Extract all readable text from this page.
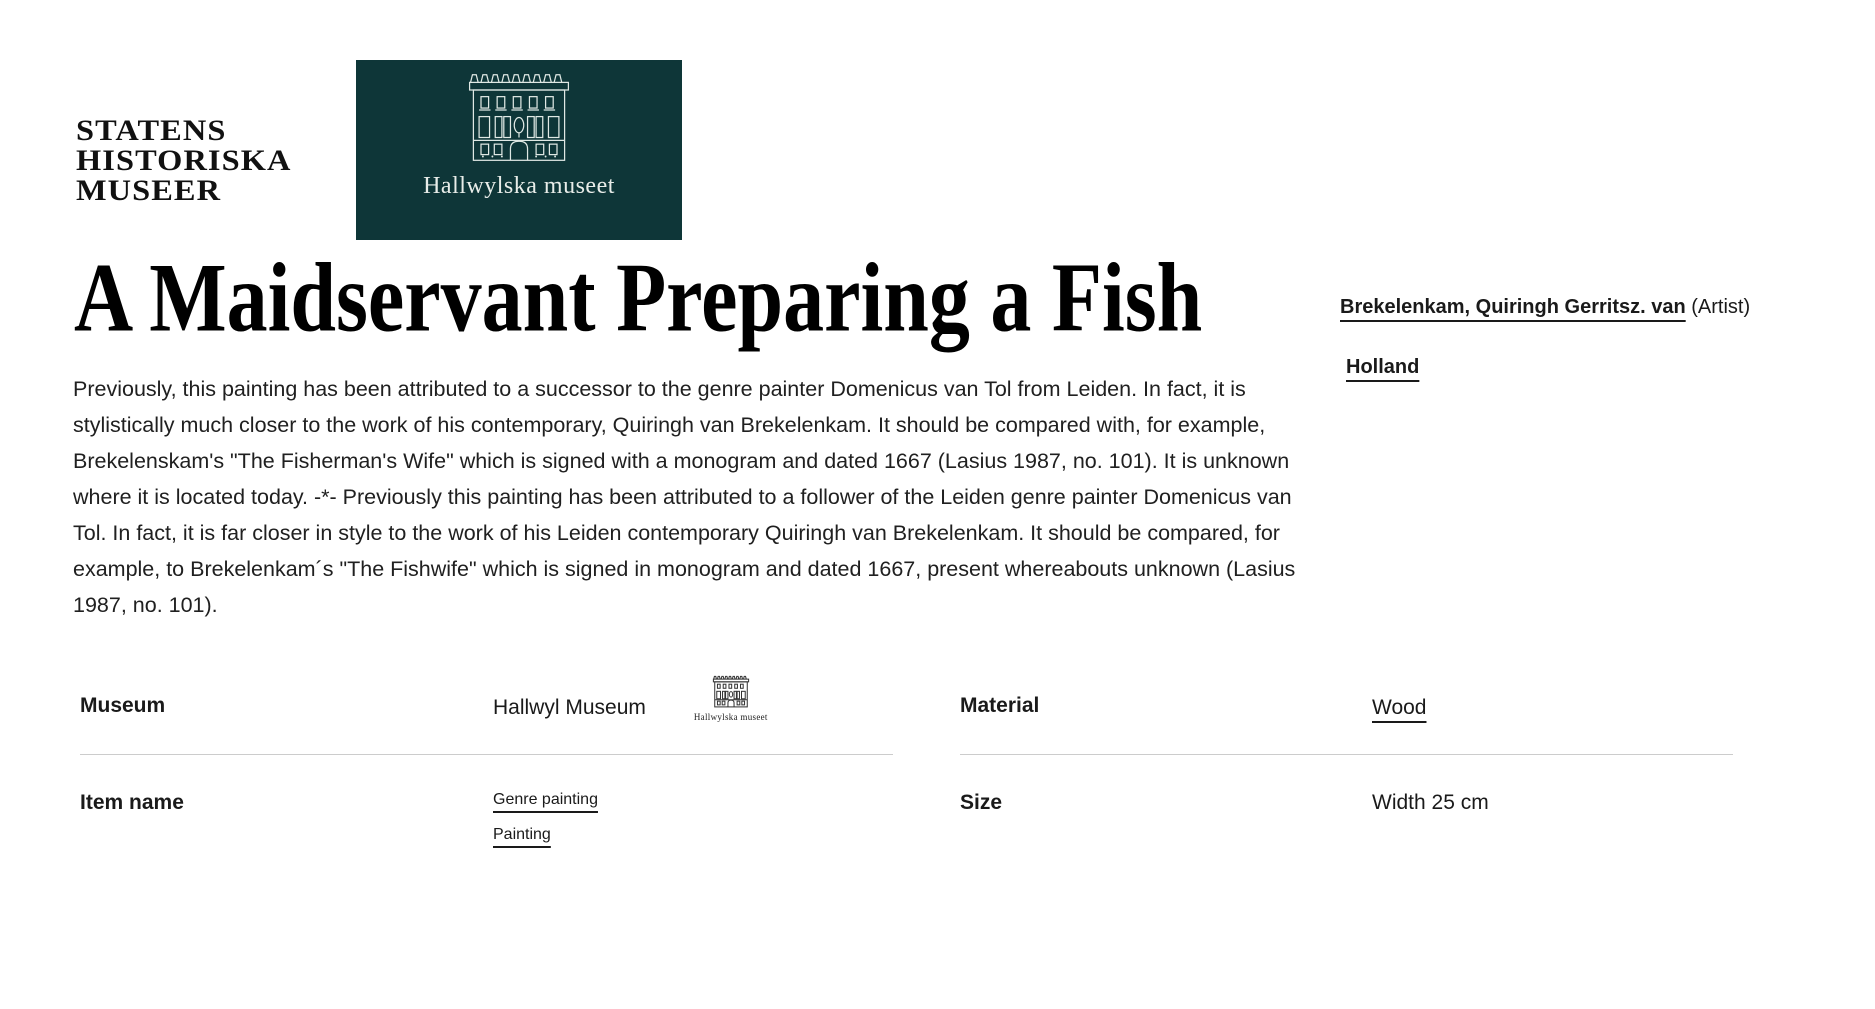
STATENS
HISTORISKA
MUSEER	Hallwylska museet
A Maidservant Preparing a Fish	Brekelenkam, Quiringh Gerritsz. van (Artist)
Holland
Previously, this painting has been attributed to a successor to the genre painter Domenicus van Tol from Leiden. In fact, it is stylistically much closer to the work of his contemporary, Quiringh van Brekelenkam. It should be compared with, for example, Brekelenskam's "The Fisherman's Wife" which is signed with a monogram and dated 1667 (Lasius 1987, no. 101). It is unknown where it is located today. -*- Previously this painting has been attributed to a follower of the Leiden genre painter Domenicus van Tol. In fact, it is far closer in style to the work of his Leiden contemporary Quiringh van Brekelenkam. It should be compared, for example, to Brekelenkam´s "The Fishwife" which is signed in monogram and dated 1667, present whereabouts unknown (Lasius 1987, no. 101).
Museum	Hallwyl Museum	Hallwylska museet
Item name	Genre painting
Painting
Material	Wood
Size	Width 25 cm
